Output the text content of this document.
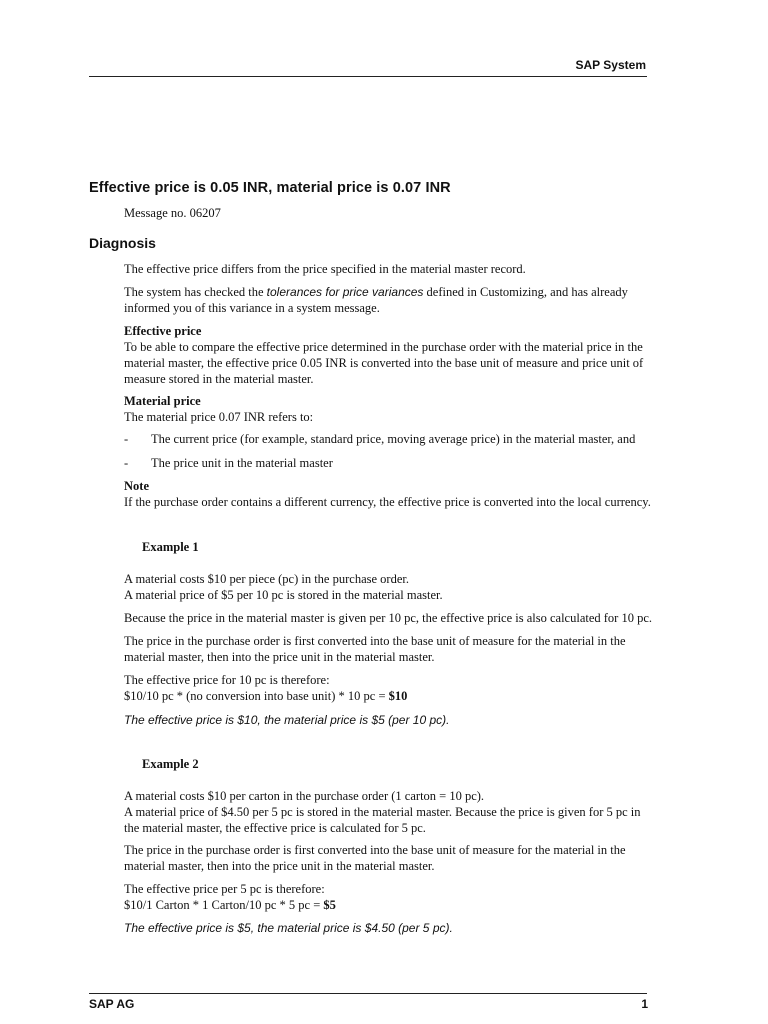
SAP System
Effective price is 0.05 INR, material price is 0.07 INR
Message no. 06207
Diagnosis
The effective price differs from the price specified in the material master record.
The system has checked the tolerances for price variances defined in Customizing, and has already
informed you of this variance in a system message.
Effective price
To be able to compare the effective price determined in the purchase order with the material price in the
material master, the effective price 0.05 INR is converted into the base unit of measure and price unit of
measure stored in the material master.
Material price
The material price 0.07 INR refers to:
- The current price (for example, standard price, moving average price) in the material master, and
- The price unit in the material master
Note
If the purchase order contains a different currency, the effective price is converted into the local currency.
Example 1
A material costs $10 per piece (pc) in the purchase order.
A material price of $5 per 10 pc is stored in the material master.
Because the price in the material master is given per 10 pc, the effective price is also calculated for 10 pc.
The price in the purchase order is first converted into the base unit of measure for the material in the
material master, then into the price unit in the material master.
The effective price for 10 pc is therefore:
$10/10 pc * (no conversion into base unit) * 10 pc = $10
The effective price is $10, the material price is $5 (per 10 pc).
Example 2
A material costs $10 per carton in the purchase order (1 carton = 10 pc).
A material price of $4.50 per 5 pc is stored in the material master. Because the price is given for 5 pc in
the material master, the effective price is calculated for 5 pc.
The price in the purchase order is first converted into the base unit of measure for the material in the
material master, then into the price unit in the material master.
The effective price per 5 pc is therefore:
$10/1 Carton * 1 Carton/10 pc * 5 pc = $5
The effective price is $5, the material price is $4.50 (per 5 pc).
SAP AG	1
